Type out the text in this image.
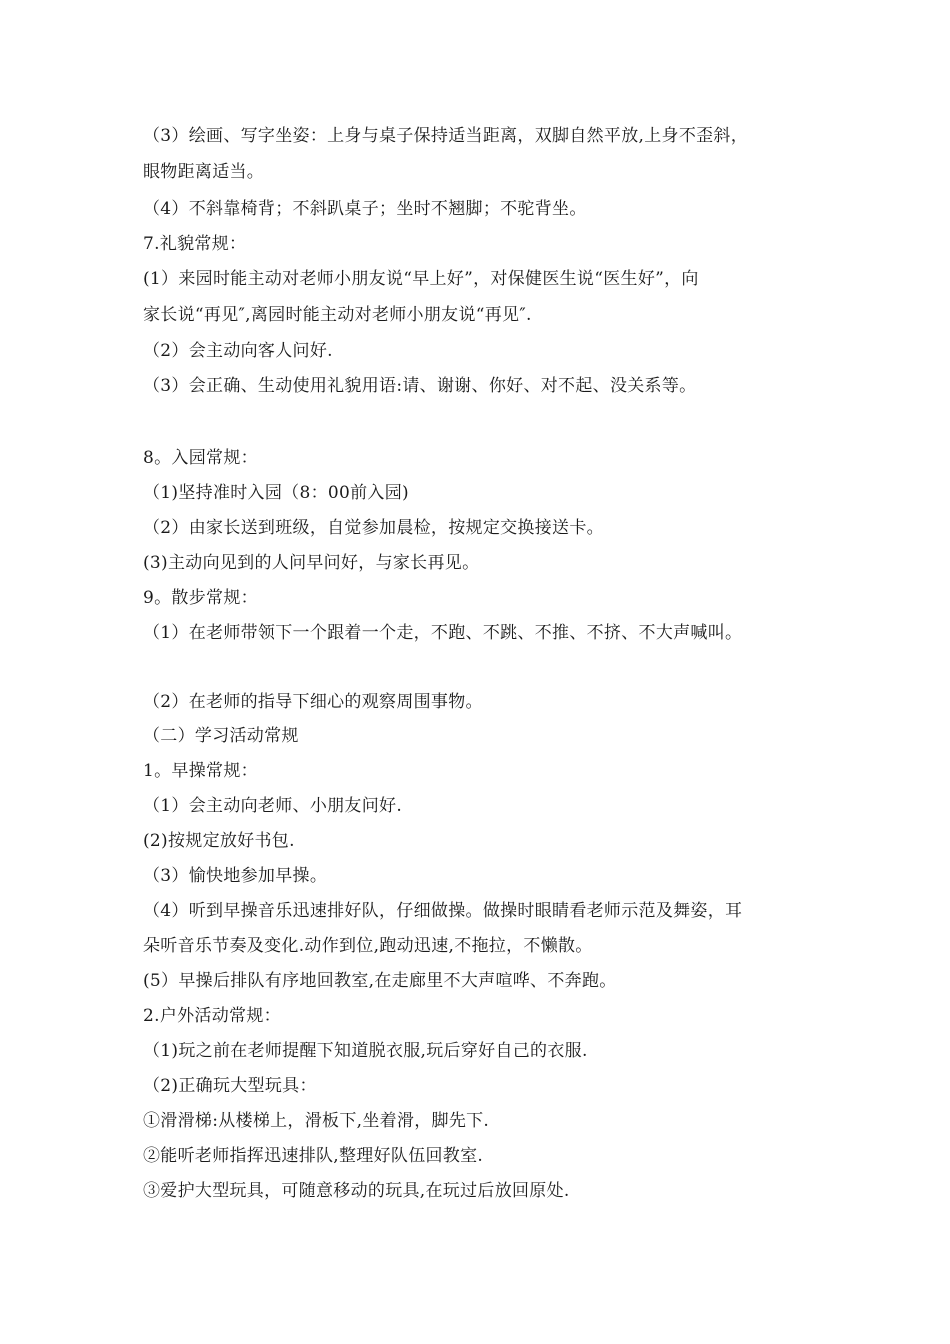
（3）绘画、写字坐姿：上身与桌子保持适当距离，双脚自然平放,上身不歪斜，
眼物距离适当。
（4）不斜靠椅背；不斜趴桌子；坐时不翘脚；不驼背坐。
7.礼貌常规：
(1）来园时能主动对老师小朋友说“早上好”，对保健医生说“医生好”，向
家长说“再见″,离园时能主动对老师小朋友说“再见″.
（2）会主动向客人问好.
（3）会正确、生动使用礼貌用语:请、谢谢、你好、对不起、没关系等。
8。入园常规：
（1)坚持准时入园（8：00前入园)
（2）由家长送到班级，自觉参加晨检，按规定交换接送卡。
(3)主动向见到的人问早问好，与家长再见。
9。散步常规：
（1）在老师带领下一个跟着一个走，不跑、不跳、不推、不挤、不大声喊叫。
（2）在老师的指导下细心的观察周围事物。
（二）学习活动常规
1。早操常规：
（1）会主动向老师、小朋友问好.
(2)按规定放好书包.
（3）愉快地参加早操。
（4）听到早操音乐迅速排好队，仔细做操。做操时眼睛看老师示范及舞姿，耳
朵听音乐节奏及变化.动作到位,跑动迅速,不拖拉，不懒散。
(5）早操后排队有序地回教室,在走廊里不大声喧哗、不奔跑。
2.户外活动常规：
（1)玩之前在老师提醒下知道脱衣服,玩后穿好自己的衣服.
（2)正确玩大型玩具：
①滑滑梯:从楼梯上，滑板下,坐着滑，脚先下.
②能听老师指挥迅速排队,整理好队伍回教室.
③爱护大型玩具，可随意移动的玩具,在玩过后放回原处.
